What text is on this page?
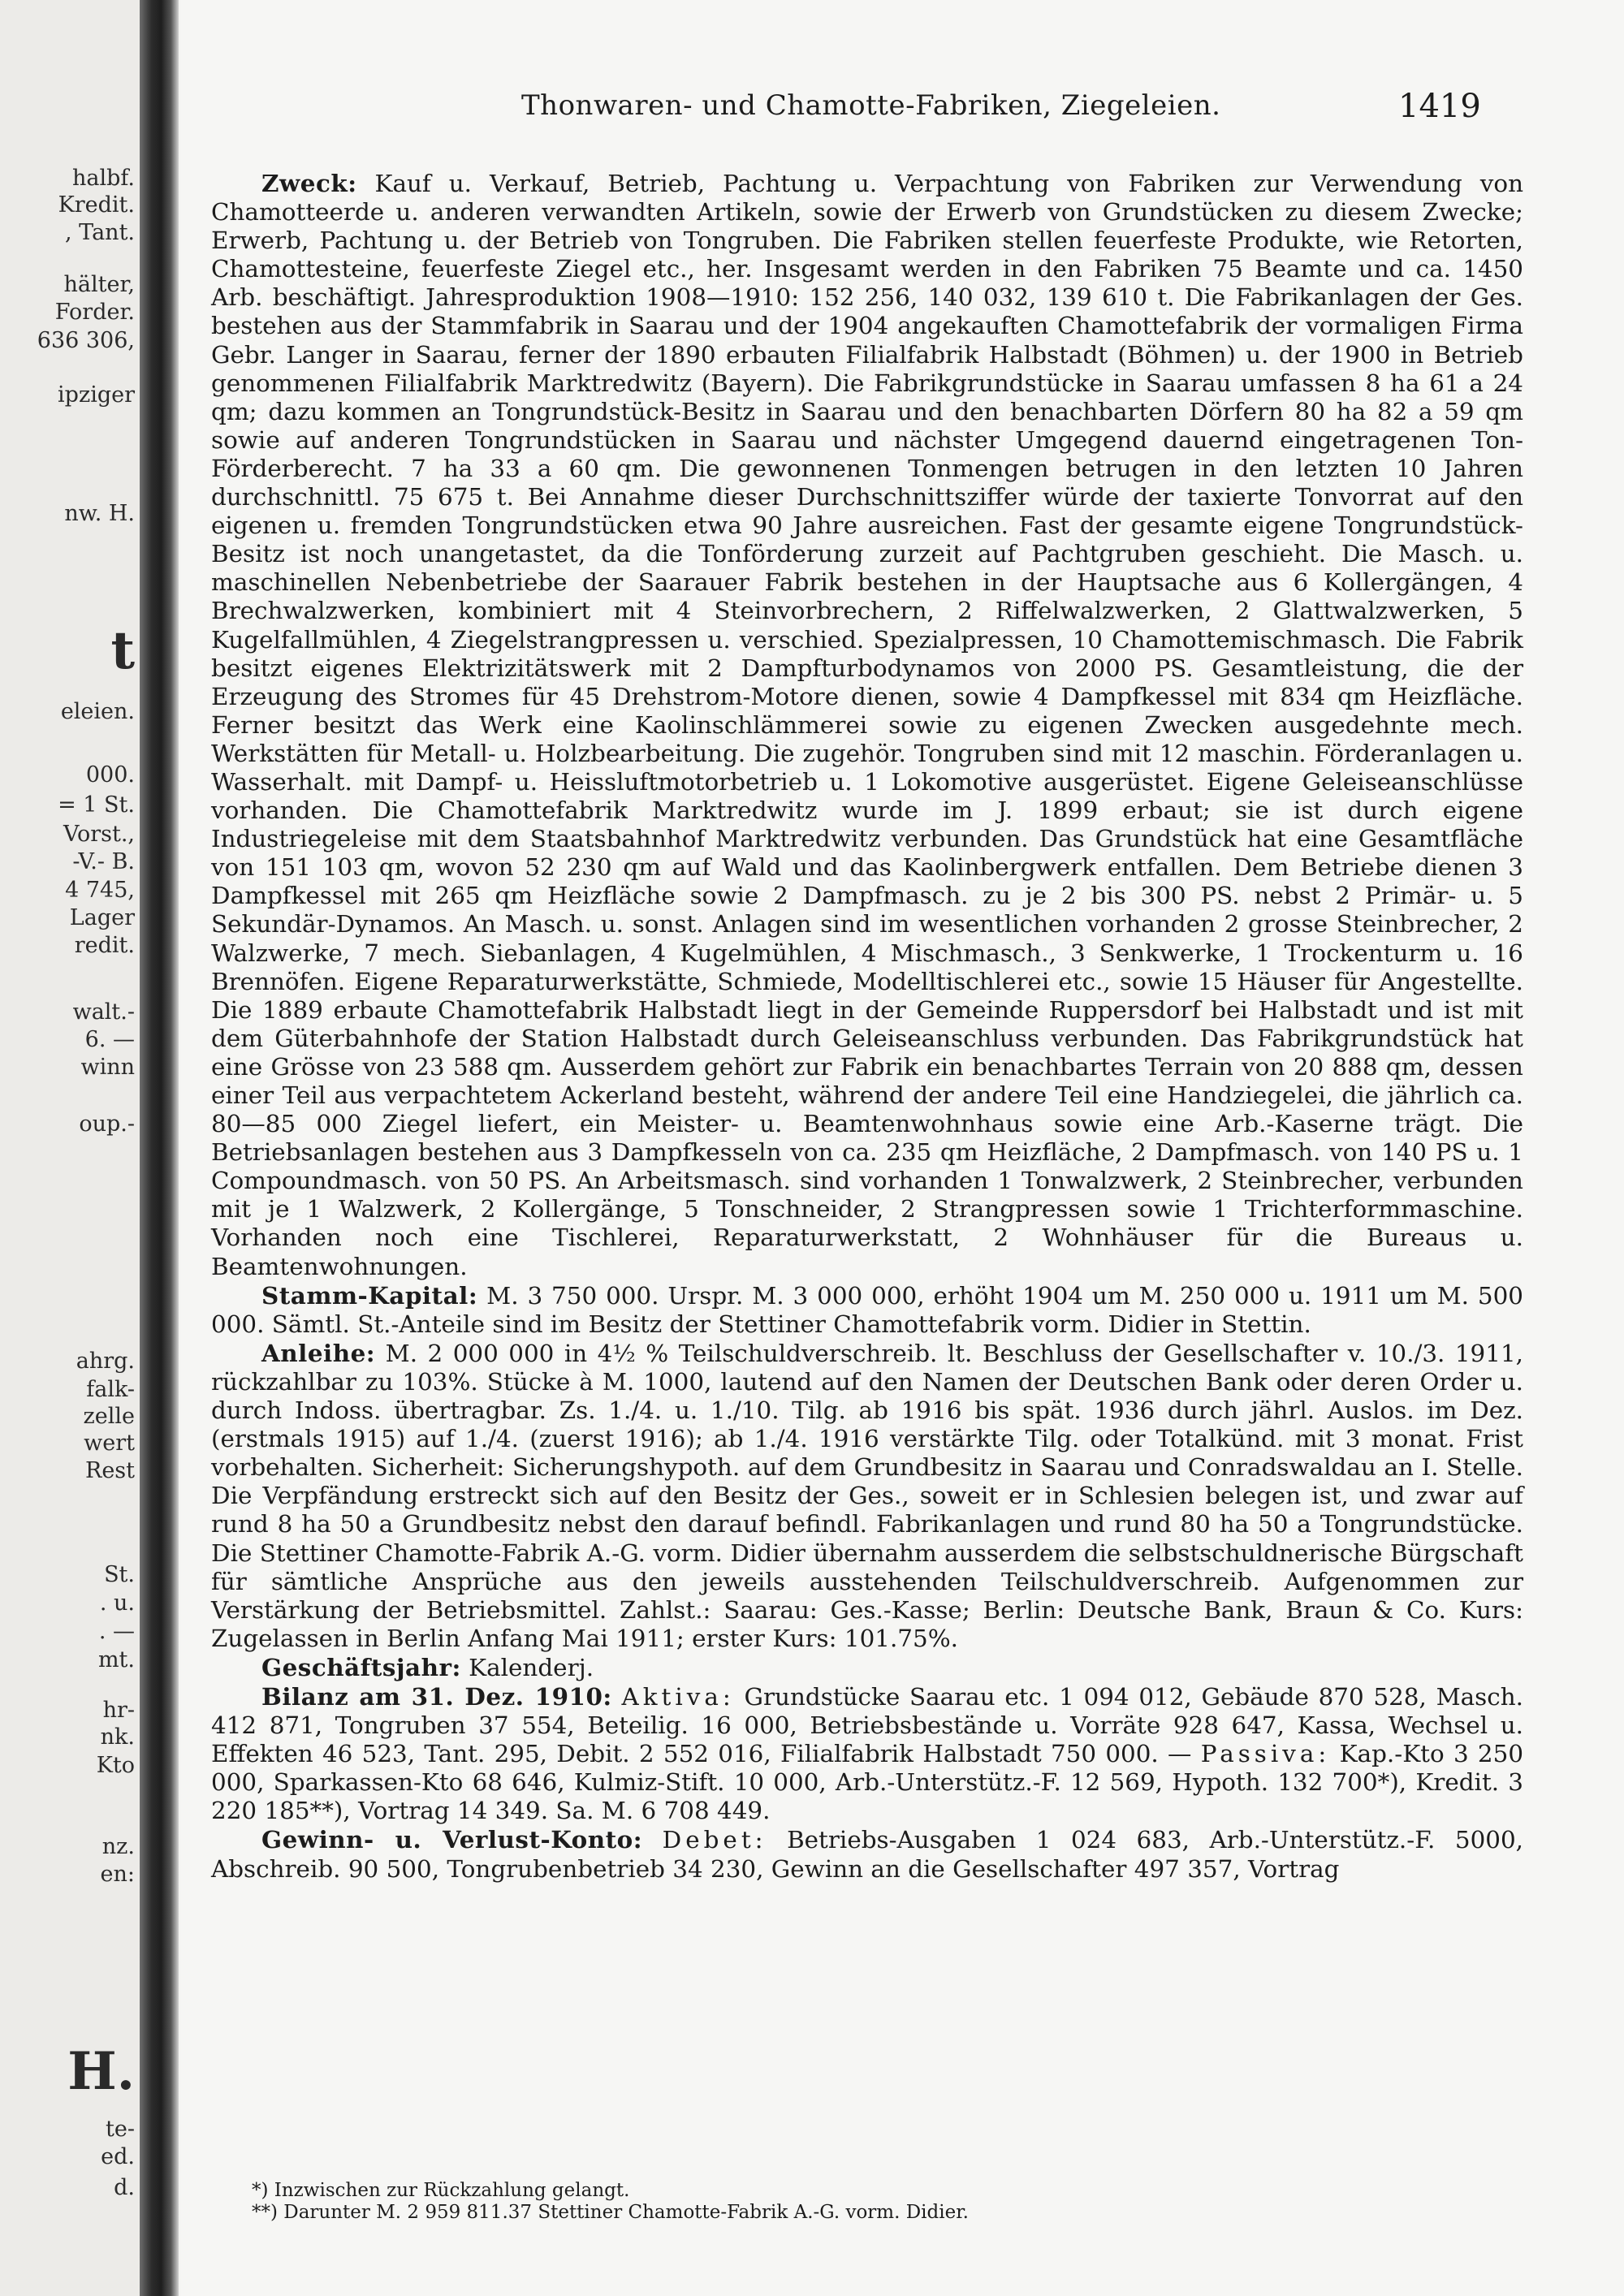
halbf.
Kredit.
, Tant.
hälter,
Forder.
636 306,
ipziger
nw. H.
t
eleien.
000.
= 1 St.
Vorst.,
-V.- B.
4 745,
Lager
redit.
walt.-
6. —
winn
oup.-
ahrg.
falk-
zelle
wert
Rest
St.
. u.
. —
mt.
hr-
nk.
Kto
nz.
en:
H.
te-
ed.
d.
Thonwaren- und Chamotte-Fabriken, Ziegeleien.	1419

Zweck: Kauf u. Verkauf, Betrieb, Pachtung u. Verpachtung von Fabriken zur Verwendung von Chamotteerde u. anderen verwandten Artikeln, sowie der Erwerb von Grundstücken zu diesem Zwecke; Erwerb, Pachtung u. der Betrieb von Tongruben. Die Fabriken stellen feuerfeste Produkte, wie Retorten, Chamottesteine, feuerfeste Ziegel etc., her. Insgesamt werden in den Fabriken 75 Beamte und ca. 1450 Arb. beschäftigt. Jahresproduktion 1908—1910: 152 256, 140 032, 139 610 t. Die Fabrikanlagen der Ges. bestehen aus der Stammfabrik in Saarau und der 1904 angekauften Chamottefabrik der vormaligen Firma Gebr. Langer in Saarau, ferner der 1890 erbauten Filialfabrik Halbstadt (Böhmen) u. der 1900 in Betrieb genommenen Filialfabrik Marktredwitz (Bayern). Die Fabrikgrundstücke in Saarau umfassen 8 ha 61 a 24 qm; dazu kommen an Tongrundstück-Besitz in Saarau und den benachbarten Dörfern 80 ha 82 a 59 qm sowie auf anderen Tongrundstücken in Saarau und nächster Umgegend dauernd eingetragenen Ton-Förderberecht. 7 ha 33 a 60 qm. Die gewonnenen Tonmengen betrugen in den letzten 10 Jahren durchschnittl. 75 675 t. Bei Annahme dieser Durchschnittsziffer würde der taxierte Tonvorrat auf den eigenen u. fremden Tongrundstücken etwa 90 Jahre ausreichen. Fast der gesamte eigene Tongrundstück-Besitz ist noch unangetastet, da die Tonförderung zurzeit auf Pachtgruben geschieht. Die Masch. u. maschinellen Nebenbetriebe der Saarauer Fabrik bestehen in der Hauptsache aus 6 Kollergängen, 4 Brechwalzwerken, kombiniert mit 4 Steinvorbrechern, 2 Riffelwalzwerken, 2 Glattwalzwerken, 5 Kugelfallmühlen, 4 Ziegelstrangpressen u. verschied. Spezialpressen, 10 Chamottemischmasch. Die Fabrik besitzt eigenes Elektrizitätswerk mit 2 Dampfturbodynamos von 2000 PS. Gesamtleistung, die der Erzeugung des Stromes für 45 Drehstrom-Motore dienen, sowie 4 Dampfkessel mit 834 qm Heizfläche. Ferner besitzt das Werk eine Kaolinschlämmerei sowie zu eigenen Zwecken ausgedehnte mech. Werkstätten für Metall- u. Holzbearbeitung. Die zugehör. Tongruben sind mit 12 maschin. Förderanlagen u. Wasserhalt. mit Dampf- u. Heissluftmotorbetrieb u. 1 Lokomotive ausgerüstet. Eigene Geleiseanschlüsse vorhanden. Die Chamottefabrik Marktredwitz wurde im J. 1899 erbaut; sie ist durch eigene Industriegeleise mit dem Staatsbahnhof Marktredwitz verbunden. Das Grundstück hat eine Gesamtfläche von 151 103 qm, wovon 52 230 qm auf Wald und das Kaolinbergwerk entfallen. Dem Betriebe dienen 3 Dampfkessel mit 265 qm Heizfläche sowie 2 Dampfmasch. zu je 2 bis 300 PS. nebst 2 Primär- u. 5 Sekundär-Dynamos. An Masch. u. sonst. Anlagen sind im wesentlichen vorhanden 2 grosse Steinbrecher, 2 Walzwerke, 7 mech. Siebanlagen, 4 Kugelmühlen, 4 Mischmasch., 3 Senkwerke, 1 Trockenturm u. 16 Brennöfen. Eigene Reparaturwerkstätte, Schmiede, Modelltischlerei etc., sowie 15 Häuser für Angestellte. Die 1889 erbaute Chamottefabrik Halbstadt liegt in der Gemeinde Ruppersdorf bei Halbstadt und ist mit dem Güterbahnhofe der Station Halbstadt durch Geleiseanschluss verbunden. Das Fabrikgrundstück hat eine Grösse von 23 588 qm. Ausserdem gehört zur Fabrik ein benachbartes Terrain von 20 888 qm, dessen einer Teil aus verpachtetem Ackerland besteht, während der andere Teil eine Handziegelei, die jährlich ca. 80—85 000 Ziegel liefert, ein Meister- u. Beamtenwohnhaus sowie eine Arb.-Kaserne trägt. Die Betriebsanlagen bestehen aus 3 Dampfkesseln von ca. 235 qm Heizfläche, 2 Dampfmasch. von 140 PS u. 1 Compoundmasch. von 50 PS. An Arbeitsmasch. sind vorhanden 1 Tonwalzwerk, 2 Steinbrecher, verbunden mit je 1 Walzwerk, 2 Kollergänge, 5 Tonschneider, 2 Strangpressen sowie 1 Trichterformmaschine. Vorhanden noch eine Tischlerei, Reparaturwerkstatt, 2 Wohnhäuser für die Bureaus u. Beamtenwohnungen.

Stamm-Kapital: M. 3 750 000. Urspr. M. 3 000 000, erhöht 1904 um M. 250 000 u. 1911 um M. 500 000. Sämtl. St.-Anteile sind im Besitz der Stettiner Chamottefabrik vorm. Didier in Stettin.

Anleihe: M. 2 000 000 in 4½ % Teilschuldverschreib. lt. Beschluss der Gesellschafter v. 10./3. 1911, rückzahlbar zu 103%. Stücke à M. 1000, lautend auf den Namen der Deutschen Bank oder deren Order u. durch Indoss. übertragbar. Zs. 1./4. u. 1./10. Tilg. ab 1916 bis spät. 1936 durch jährl. Auslos. im Dez. (erstmals 1915) auf 1./4. (zuerst 1916); ab 1./4. 1916 verstärkte Tilg. oder Totalkünd. mit 3 monat. Frist vorbehalten. Sicherheit: Sicherungshypoth. auf dem Grundbesitz in Saarau und Conradswaldau an I. Stelle. Die Verpfändung erstreckt sich auf den Besitz der Ges., soweit er in Schlesien belegen ist, und zwar auf rund 8 ha 50 a Grundbesitz nebst den darauf befindl. Fabrikanlagen und rund 80 ha 50 a Tongrundstücke. Die Stettiner Chamotte-Fabrik A.-G. vorm. Didier übernahm ausserdem die selbstschuldnerische Bürgschaft für sämtliche Ansprüche aus den jeweils ausstehenden Teilschuldverschreib. Aufgenommen zur Verstärkung der Betriebsmittel. Zahlst.: Saarau: Ges.-Kasse; Berlin: Deutsche Bank, Braun & Co. Kurs: Zugelassen in Berlin Anfang Mai 1911; erster Kurs: 101.75%.

Geschäftsjahr: Kalenderj.

Bilanz am 31. Dez. 1910: Aktiva: Grundstücke Saarau etc. 1 094 012, Gebäude 870 528, Masch. 412 871, Tongruben 37 554, Beteilig. 16 000, Betriebsbestände u. Vorräte 928 647, Kassa, Wechsel u. Effekten 46 523, Tant. 295, Debit. 2 552 016, Filialfabrik Halbstadt 750 000. — Passiva: Kap.-Kto 3 250 000, Sparkassen-Kto 68 646, Kulmiz-Stift. 10 000, Arb.-Unterstütz.-F. 12 569, Hypoth. 132 700*), Kredit. 3 220 185**), Vortrag 14 349. Sa. M. 6 708 449.

Gewinn- u. Verlust-Konto: Debet: Betriebs-Ausgaben 1 024 683, Arb.-Unterstütz.-F. 5000, Abschreib. 90 500, Tongrubenbetrieb 34 230, Gewinn an die Gesellschafter 497 357, Vortrag

*) Inzwischen zur Rückzahlung gelangt.
**) Darunter M. 2 959 811.37 Stettiner Chamotte-Fabrik A.-G. vorm. Didier.
